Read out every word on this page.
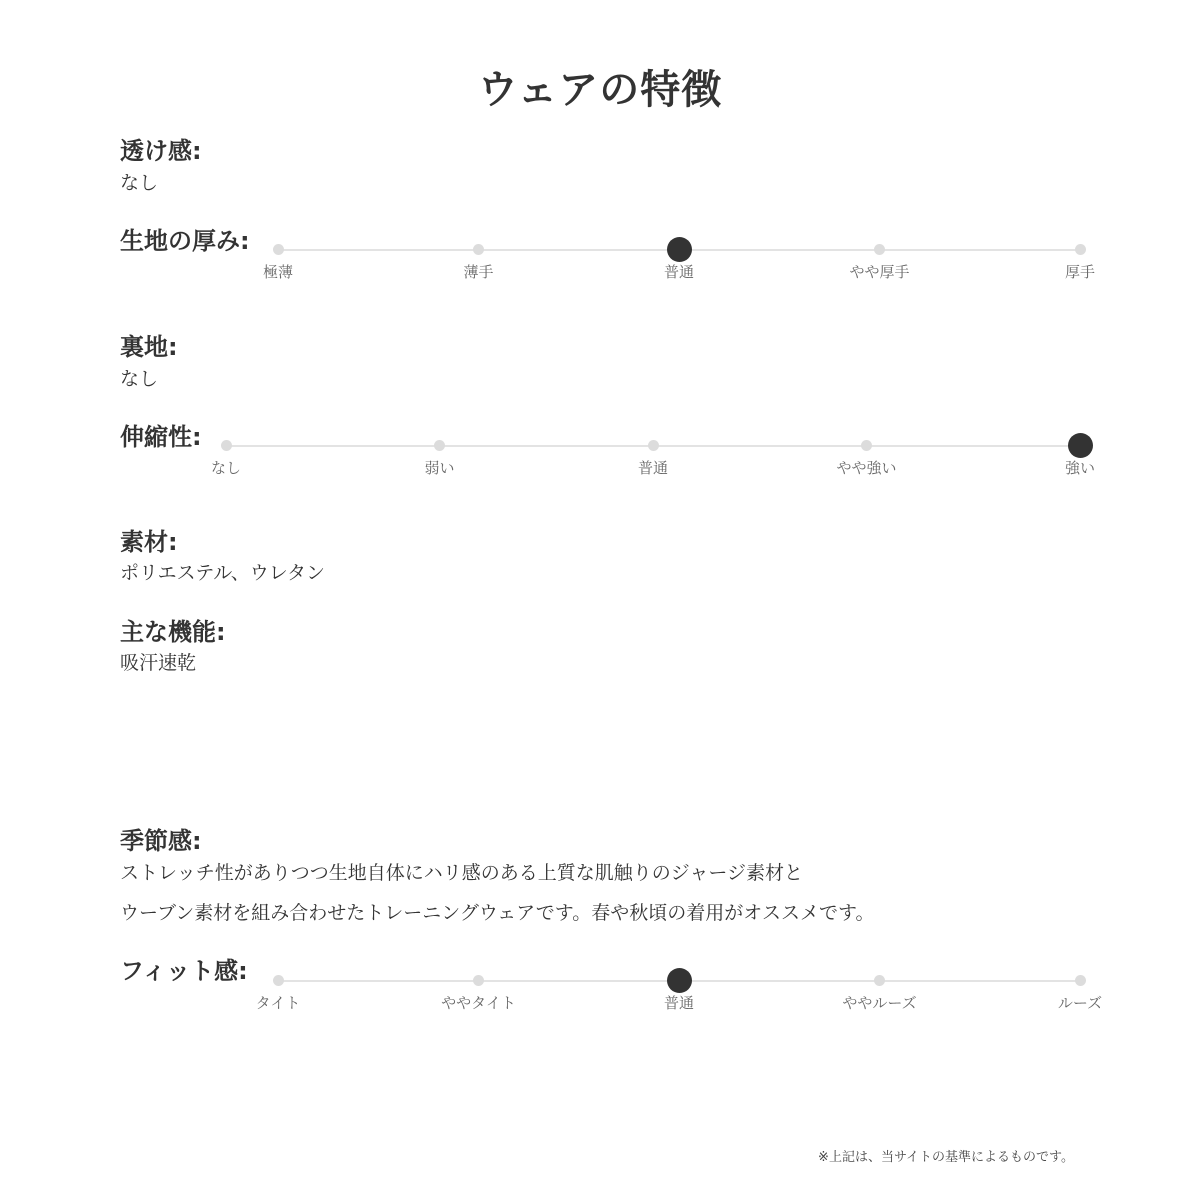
ウェアの特徴
透け感:
なし
生地の厚み:
極薄	薄手	普通	やや厚手	厚手
裏地:
なし
伸縮性:
なし	弱い	普通	やや強い	強い
素材:
ポリエステル、ウレタン
主な機能:
吸汗速乾
季節感:
ストレッチ性がありつつ生地自体にハリ感のある上質な肌触りのジャージ素材と
ウーブン素材を組み合わせたトレーニングウェアです。春や秋頃の着用がオススメです。
フィット感:
タイト	ややタイト	普通	ややルーズ	ルーズ
※上記は、当サイトの基準によるものです。
